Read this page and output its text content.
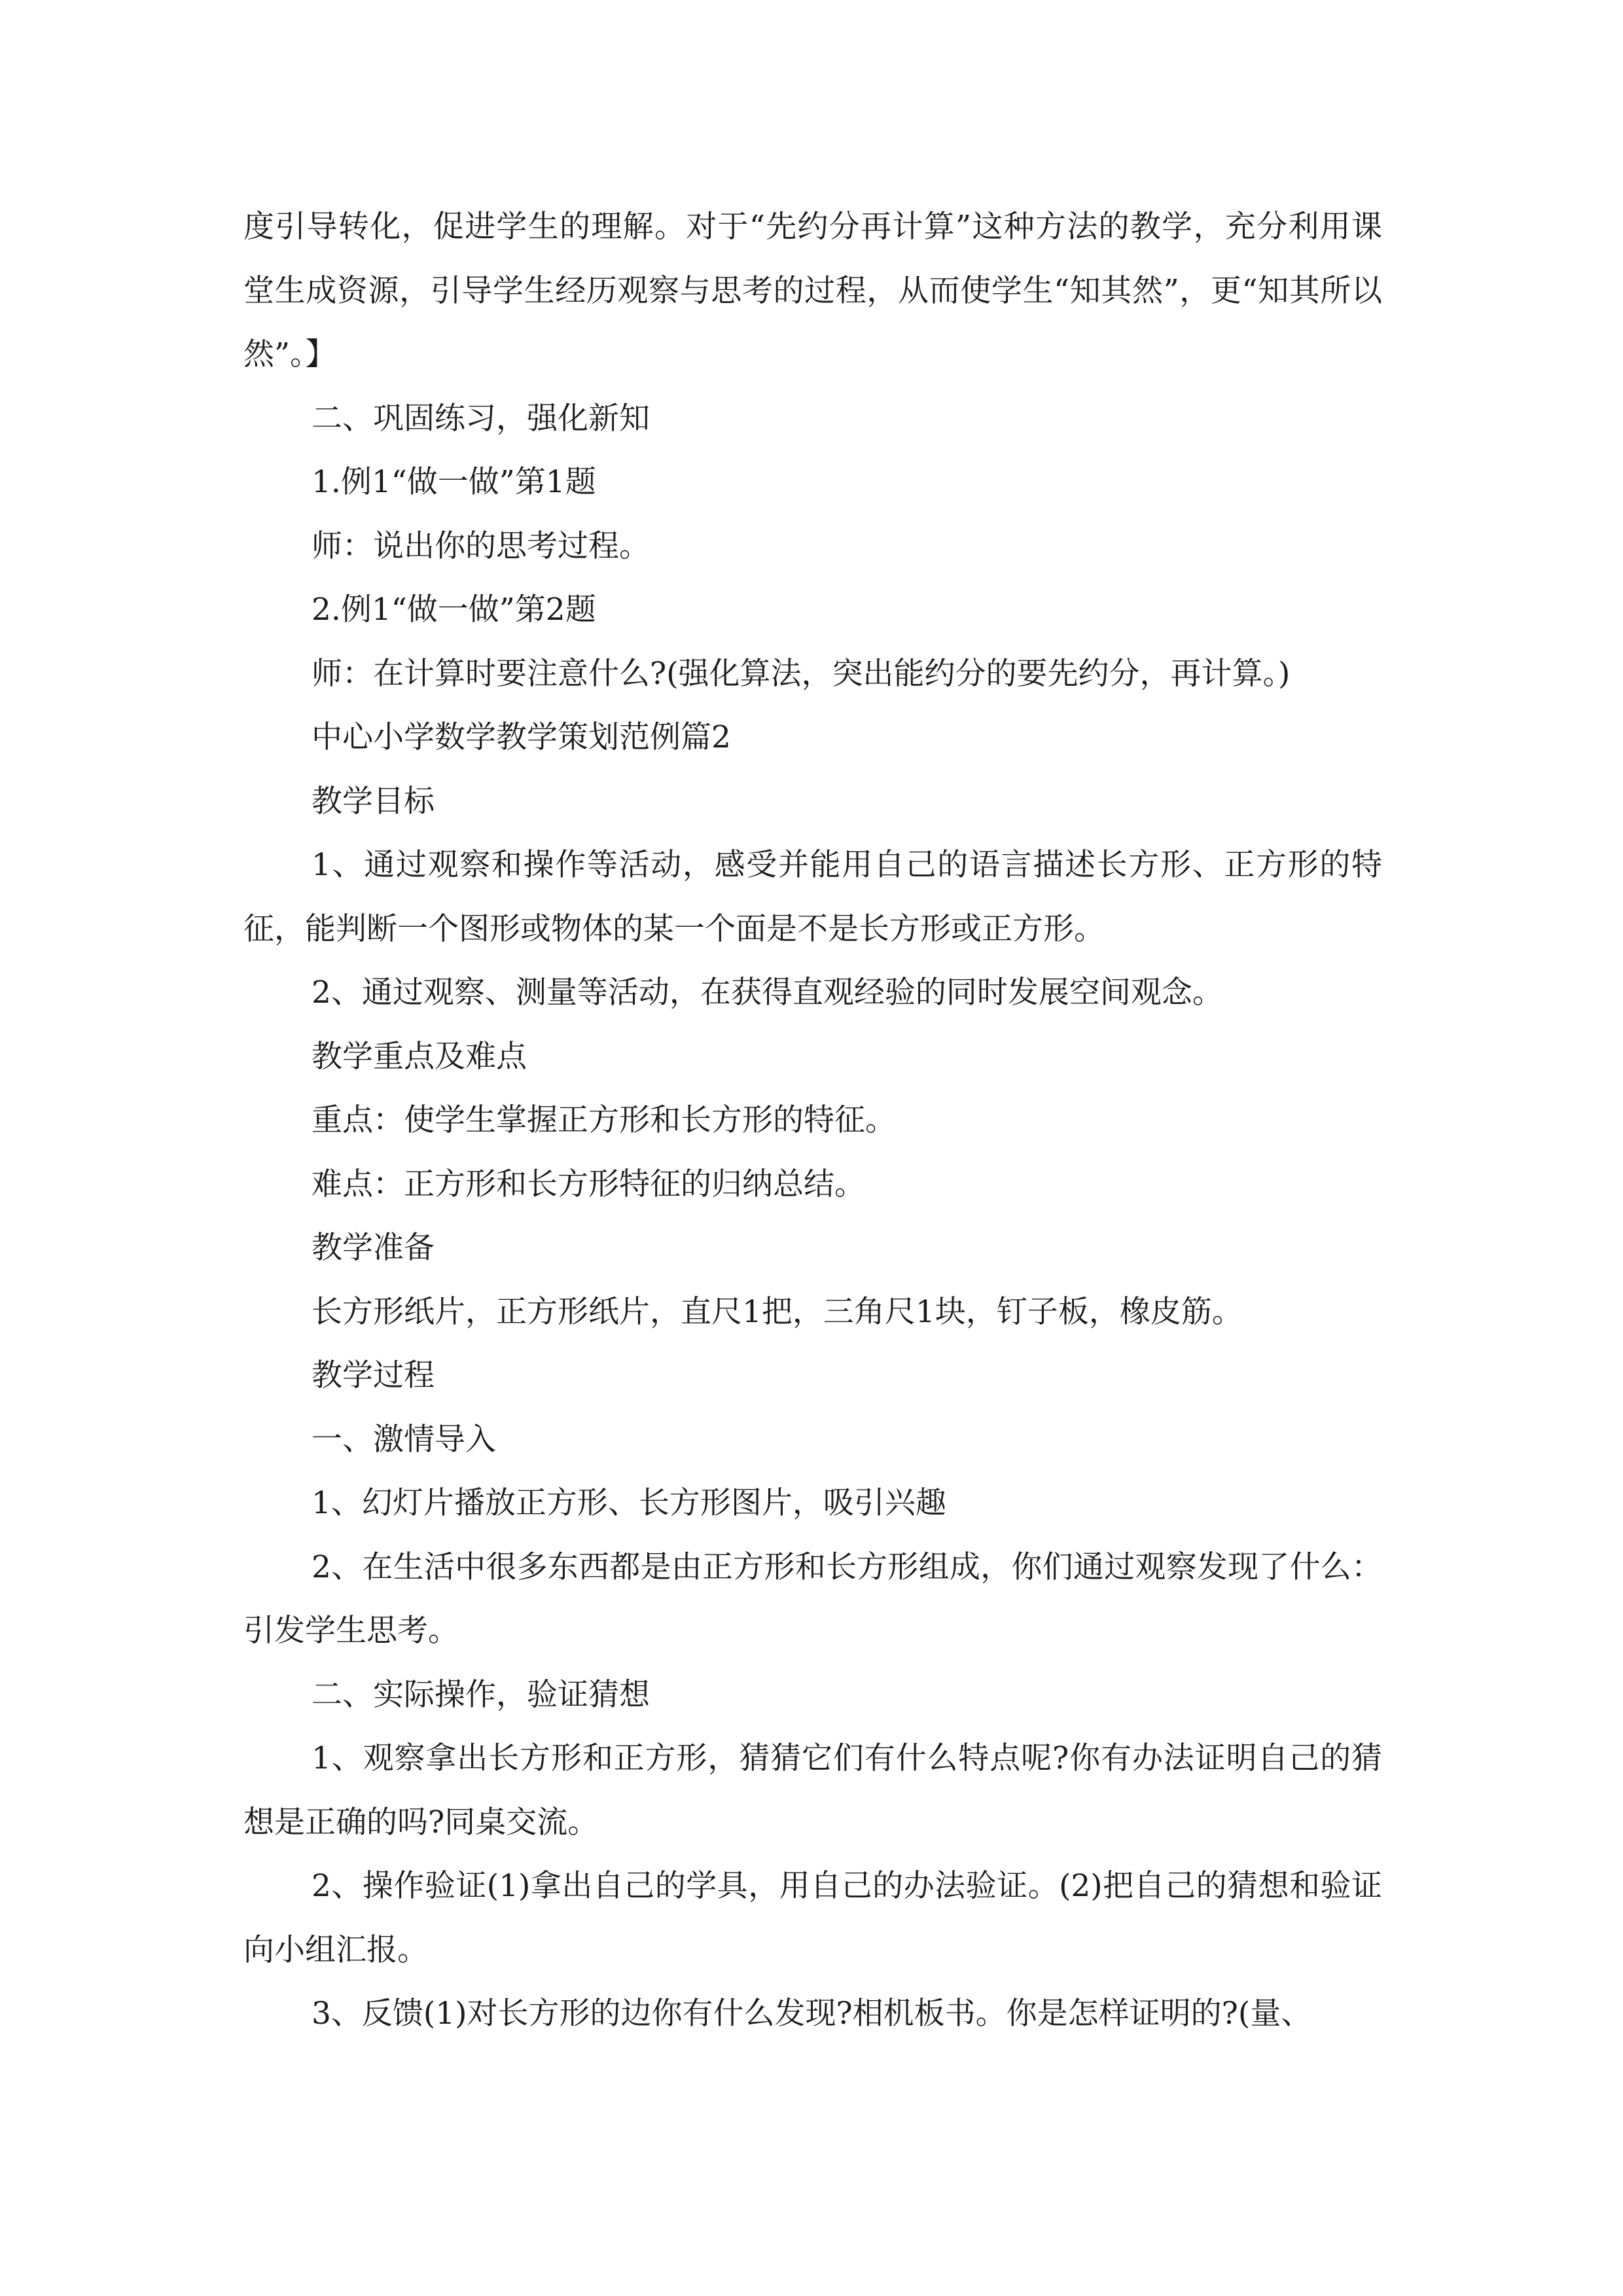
度引导转化，促进学生的理解。对于“先约分再计算”这种方法的教学，充分利用课堂生成资源，引导学生经历观察与思考的过程，从而使学生“知其然”，更“知其所以然”。】

二、巩固练习，强化新知

1.例1“做一做”第1题

师：说出你的思考过程。

2.例1“做一做”第2题

师：在计算时要注意什么?(强化算法，突出能约分的要先约分，再计算。)

中心小学数学教学策划范例篇2

教学目标

1、通过观察和操作等活动，感受并能用自己的语言描述长方形、正方形的特征，能判断一个图形或物体的某一个面是不是长方形或正方形。

2、通过观察、测量等活动，在获得直观经验的同时发展空间观念。

教学重点及难点

重点：使学生掌握正方形和长方形的特征。

难点：正方形和长方形特征的归纳总结。

教学准备

长方形纸片，正方形纸片，直尺1把，三角尺1块，钉子板，橡皮筋。

教学过程

一、激情导入

1、幻灯片播放正方形、长方形图片，吸引兴趣

2、在生活中很多东西都是由正方形和长方形组成，你们通过观察发现了什么：引发学生思考。

二、实际操作，验证猜想

1、观察拿出长方形和正方形，猜猜它们有什么特点呢?你有办法证明自己的猜想是正确的吗?同桌交流。

2、操作验证(1)拿出自己的学具，用自己的办法验证。(2)把自己的猜想和验证向小组汇报。

3、反馈(1)对长方形的边你有什么发现?相机板书。你是怎样证明的?(量、
